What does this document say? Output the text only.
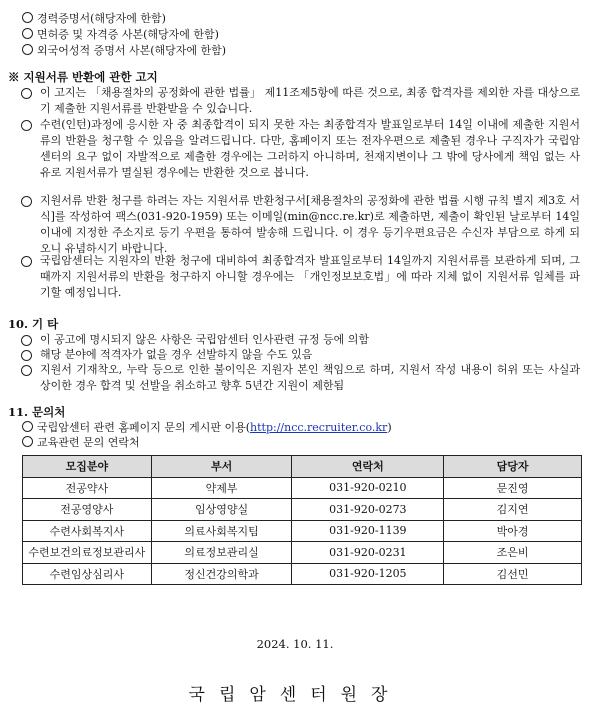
경력증명서(해당자에 한함)
면허증 및 자격증 사본(해당자에 한함)
외국어성적 증명서 사본(해당자에 한함)
※ 지원서류 반환에 관한 고지
이 고지는 「채용절차의 공정화에 관한 법률」 제11조제5항에 따른 것으로, 최종 합격자를 제외한 자를 대상으로 기 제출한 지원서류를 반환받을 수 있습니다.
수련(인턴)과정에 응시한 자 중 최종합격이 되지 못한 자는 최종합격자 발표일로부터 14일 이내에 제출한 지원서류의 반환을 청구할 수 있음을 알려드립니다. 다만, 홈페이지 또는 전자우편으로 제출된 경우나 구직자가 국립암센터의 요구 없이 자발적으로 제출한 경우에는 그러하지 아니하며, 천재지변이나 그 밖에 당사에게 책임 없는 사유로 지원서류가 멸실된 경우에는 반환한 것으로 봅니다.
지원서류 반환 청구를 하려는 자는 지원서류 반환청구서[채용절차의 공정화에 관한 법률 시행 규칙 별지 제3호 서식]를 작성하여 팩스(031-920-1959) 또는 이메일(min@ncc.re.kr)로 제출하면, 제출이 확인된 날로부터 14일 이내에 지정한 주소지로 등기 우편을 통하여 발송해 드립니다. 이 경우 등기우편요금은 수신자 부담으로 하게 되오니 유념하시기 바랍니다.
국립암센터는 지원자의 반환 청구에 대비하여 최종합격자 발표일로부터 14일까지 지원서류를 보관하게 되며, 그때까지 지원서류의 반환을 청구하지 아니할 경우에는 「개인정보보호법」에 따라 지체 없이 지원서류 일체를 파기할 예정입니다.
10. 기 타
이 공고에 명시되지 않은 사항은 국립암센터 인사관련 규정 등에 의함
해당 분야에 적격자가 없을 경우 선발하지 않을 수도 있음
지원서 기재착오, 누락 등으로 인한 불이익은 지원자 본인 책임으로 하며, 지원서 작성 내용이 허위 또는 사실과 상이한 경우 합격 및 선발을 취소하고 향후 5년간 지원이 제한됨
11. 문의처
국립암센터 관련 홈페이지 문의 게시판 이용(http://ncc.recruiter.co.kr)
교육관련 문의 연락처
모집분야	부서	연락처	담당자
전공약사	약제부	031-920-0210	문진영
전공영양사	임상영양실	031-920-0273	김지연
수련사회복지사	의료사회복지팀	031-920-1139	박아경
수련보건의료정보관리사	의료정보관리실	031-920-0231	조은비
수련임상심리사	정신건강의학과	031-920-1205	김선민
2024. 10. 11.
국립암센터원장
